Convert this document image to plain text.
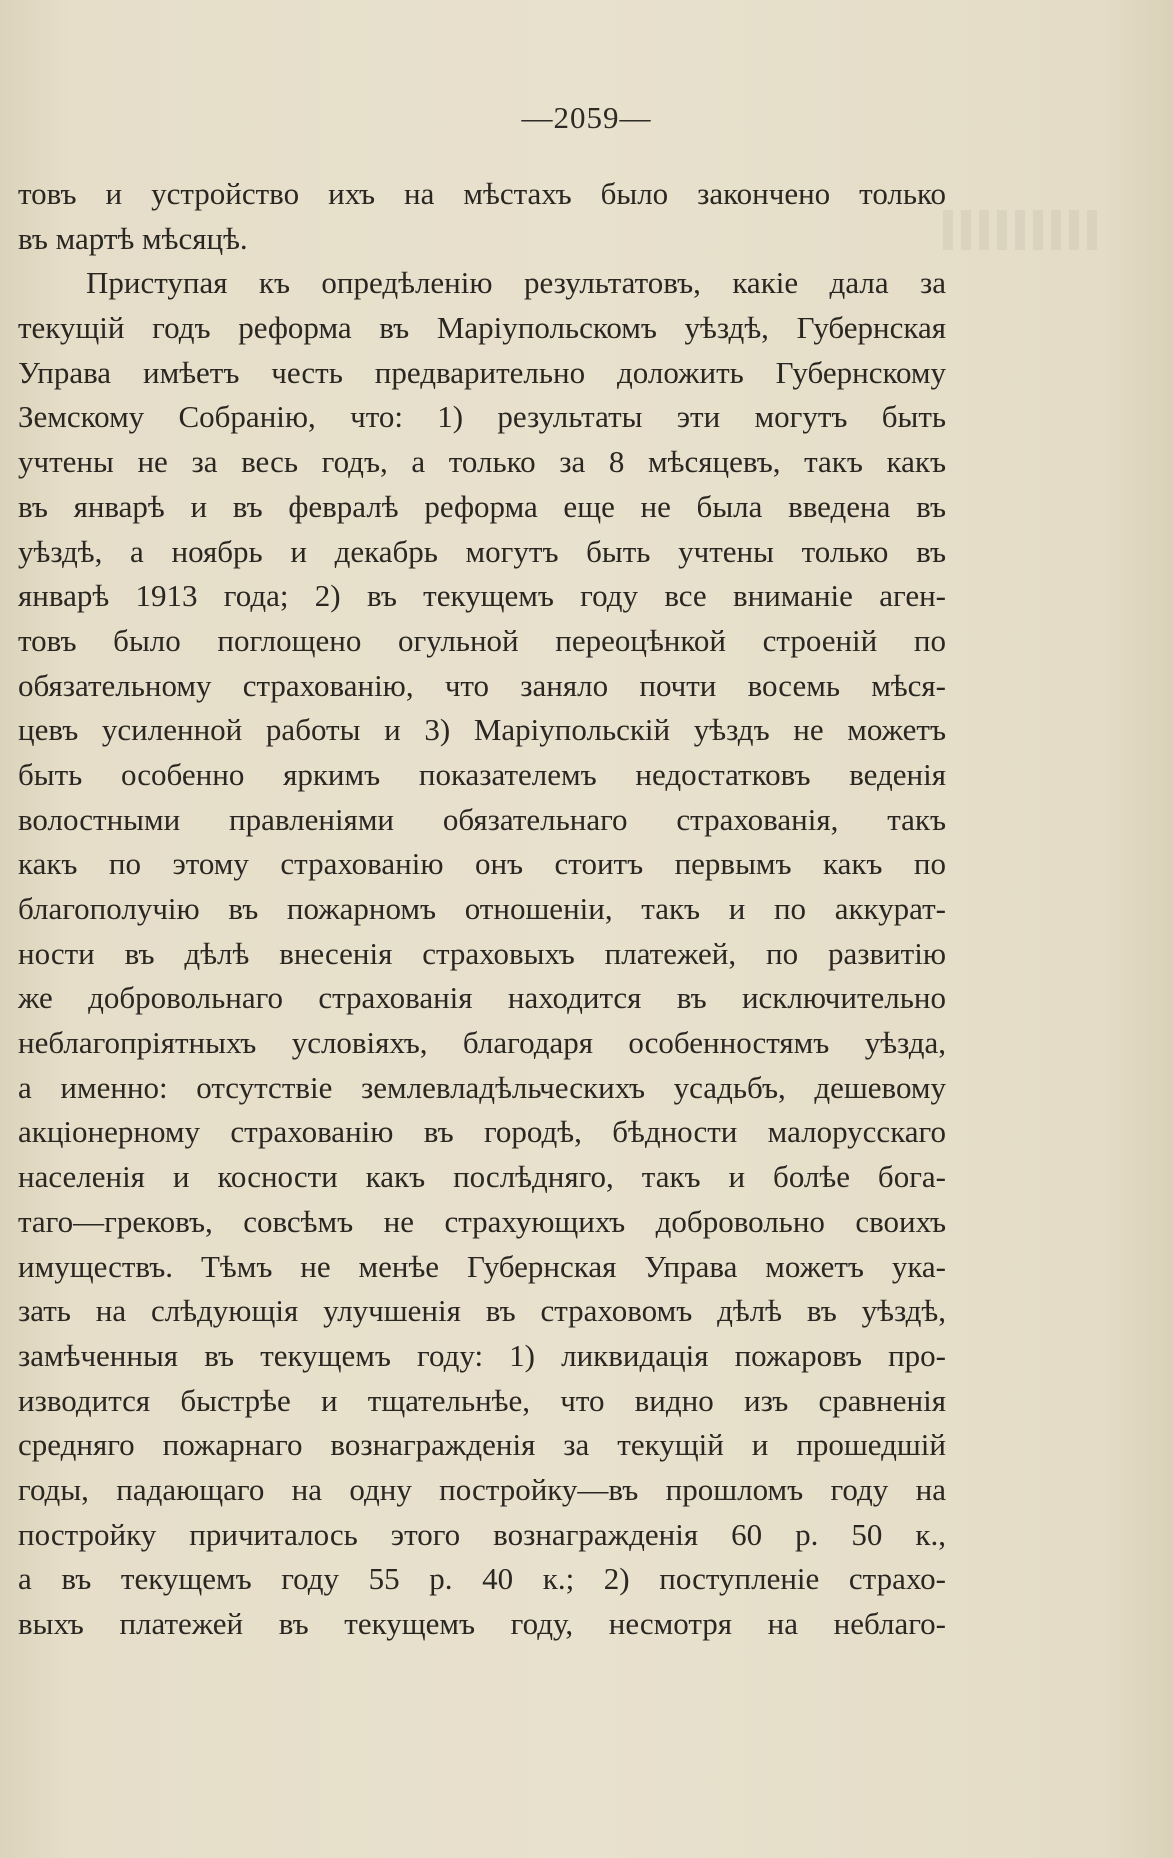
—2059—
товъ и устройство ихъ на мѣстахъ было закончено только
въ мартѣ мѣсяцѣ.
Приступая къ опредѣленію результатовъ, какіе дала за
текущій годъ реформа въ Маріупольскомъ уѣздѣ, Губернская
Управа имѣетъ честь предварительно доложить Губернскому
Земскому Собранію, что: 1) результаты эти могутъ быть
учтены не за весь годъ, а только за 8 мѣсяцевъ, такъ какъ
въ январѣ и въ февралѣ реформа еще не была введена въ
уѣздѣ, а ноябрь и декабрь могутъ быть учтены только въ
январѣ 1913 года; 2) въ текущемъ году все вниманіе аген-
товъ было поглощено огульной переоцѣнкой строеній по
обязательному страхованію, что заняло почти восемь мѣся-
цевъ усиленной работы и 3) Маріупольскій уѣздъ не можетъ
быть особенно яркимъ показателемъ недостатковъ веденія
волостными правленіями обязательнаго страхованія, такъ
какъ по этому страхованію онъ стоитъ первымъ какъ по
благополучію въ пожарномъ отношеніи, такъ и по аккурат-
ности въ дѣлѣ внесенія страховыхъ платежей, по развитію
же добровольнаго страхованія находится въ исключительно
неблагопріятныхъ условіяхъ, благодаря особенностямъ уѣзда,
а именно: отсутствіе землевладѣльческихъ усадьбъ, дешевому
акціонерному страхованію въ городѣ, бѣдности малорусскаго
населенія и косности какъ послѣдняго, такъ и болѣе бога-
таго—грековъ, совсѣмъ не страхующихъ добровольно своихъ
имуществъ. Тѣмъ не менѣе Губернская Управа можетъ ука-
зать на слѣдующія улучшенія въ страховомъ дѣлѣ въ уѣздѣ,
замѣченныя въ текущемъ году: 1) ликвидація пожаровъ про-
изводится быстрѣе и тщательнѣе, что видно изъ сравненія
средняго пожарнаго вознагражденія за текущій и прошедшій
годы, падающаго на одну постройку—въ прошломъ году на
постройку причиталось этого вознагражденія 60 р. 50 к.,
а въ текущемъ году 55 р. 40 к.; 2) поступленіе страхо-
выхъ платежей въ текущемъ году, несмотря на неблаго-
